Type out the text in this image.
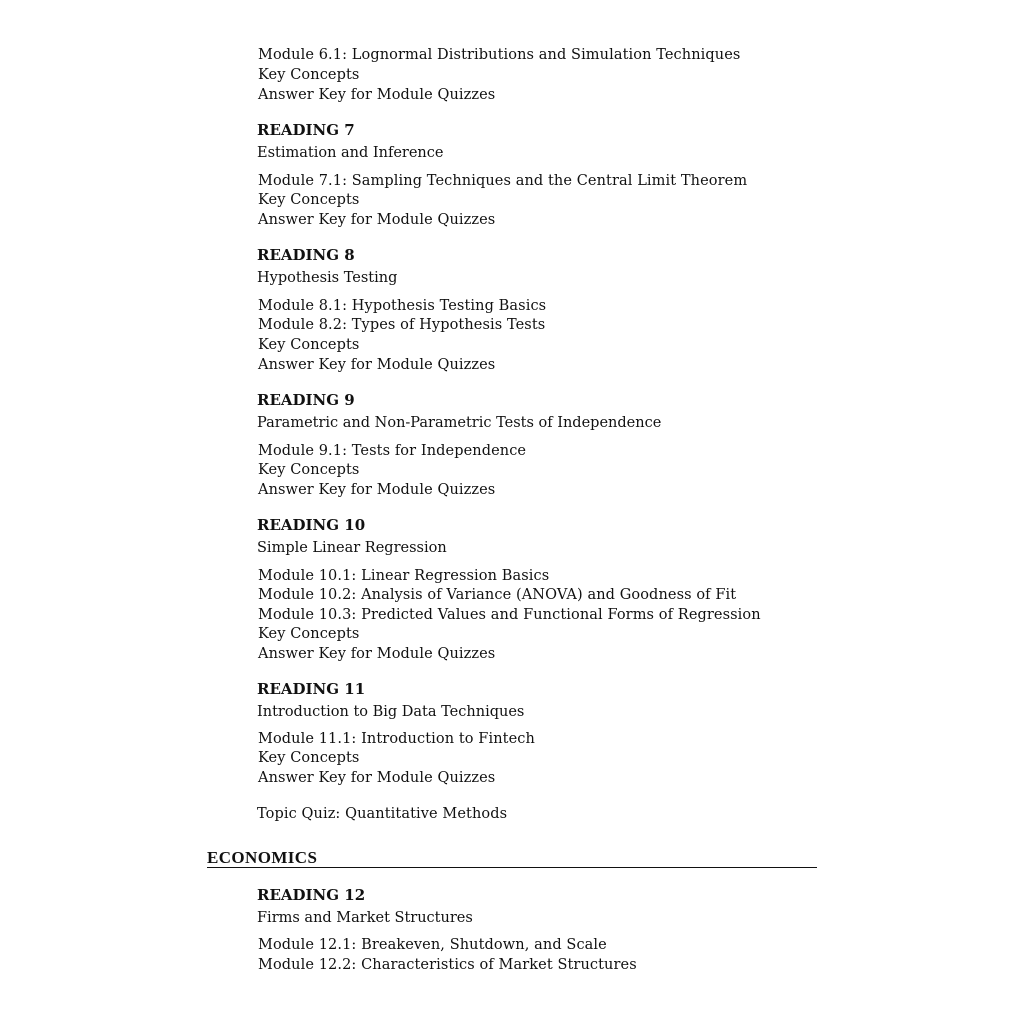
Module 6.1: Lognormal Distributions and Simulation Techniques
Key Concepts
Answer Key for Module Quizzes
READING 7
Estimation and Inference
Module 7.1: Sampling Techniques and the Central Limit Theorem
Key Concepts
Answer Key for Module Quizzes
READING 8
Hypothesis Testing
Module 8.1: Hypothesis Testing Basics
Module 8.2: Types of Hypothesis Tests
Key Concepts
Answer Key for Module Quizzes
READING 9
Parametric and Non-Parametric Tests of Independence
Module 9.1: Tests for Independence
Key Concepts
Answer Key for Module Quizzes
READING 10
Simple Linear Regression
Module 10.1: Linear Regression Basics
Module 10.2: Analysis of Variance (ANOVA) and Goodness of Fit
Module 10.3: Predicted Values and Functional Forms of Regression
Key Concepts
Answer Key for Module Quizzes
READING 11
Introduction to Big Data Techniques
Module 11.1: Introduction to Fintech
Key Concepts
Answer Key for Module Quizzes
Topic Quiz: Quantitative Methods
ECONOMICS
READING 12
Firms and Market Structures
Module 12.1: Breakeven, Shutdown, and Scale
Module 12.2: Characteristics of Market Structures
